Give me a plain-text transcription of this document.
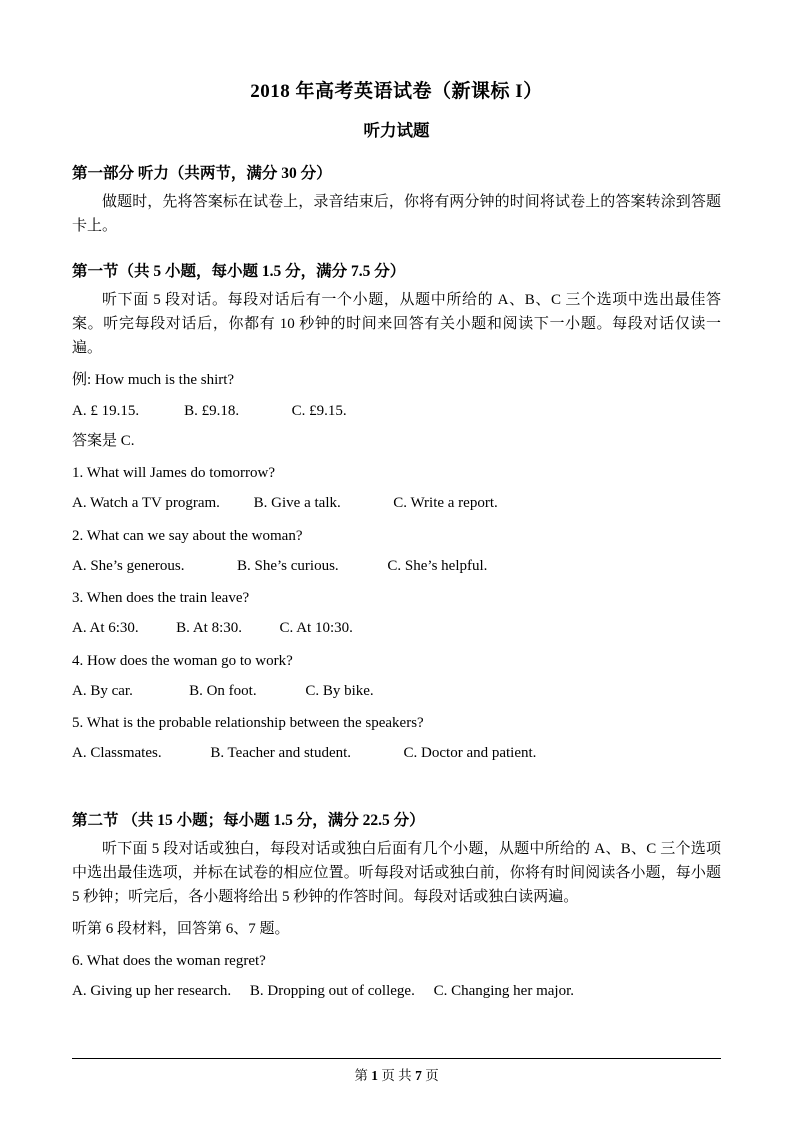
2018 年高考英语试卷（新课标 I）
听力试题
第一部分 听力（共两节，满分 30 分）
做题时，先将答案标在试卷上，录音结束后，你将有两分钟的时间将试卷上的答案转涂到答题卡上。
第一节（共 5 小题，每小题 1.5 分，满分 7.5 分）
听下面 5 段对话。每段对话后有一个小题，从题中所给的 A、B、C 三个选项中选出最佳答案。听完每段对话后，你都有 10 秒钟的时间来回答有关小题和阅读下一小题。每段对话仅读一遍。
例: How much is the shirt?
A. £ 19.15.            B. £9.18.              C. £9.15.
答案是 C.
1. What will James do tomorrow?
A. Watch a TV program.         B. Give a talk.              C. Write a report.
2. What can we say about the woman?
A. She’s generous.              B. She’s curious.             C. She’s helpful.
3. When does the train leave?
A. At 6:30.          B. At 8:30.          C. At 10:30.
4. How does the woman go to work?
A. By car.               B. On foot.             C. By bike.
5. What is the probable relationship between the speakers?
A. Classmates.             B. Teacher and student.              C. Doctor and patient.
第二节 （共 15 小题；每小题 1.5 分，满分 22.5 分）
听下面 5 段对话或独白，每段对话或独白后面有几个小题，从题中所给的 A、B、C 三个选项中选出最佳选项，并标在试卷的相应位置。听每段对话或独白前，你将有时间阅读各小题，每小题 5 秒钟；听完后，各小题将给出 5 秒钟的作答时间。每段对话或独白读两遍。
听第 6 段材料，回答第 6、7 题。
6. What does the woman regret?
A. Giving up her research.     B. Dropping out of college.     C. Changing her major.
第 1 页 共 7 页
